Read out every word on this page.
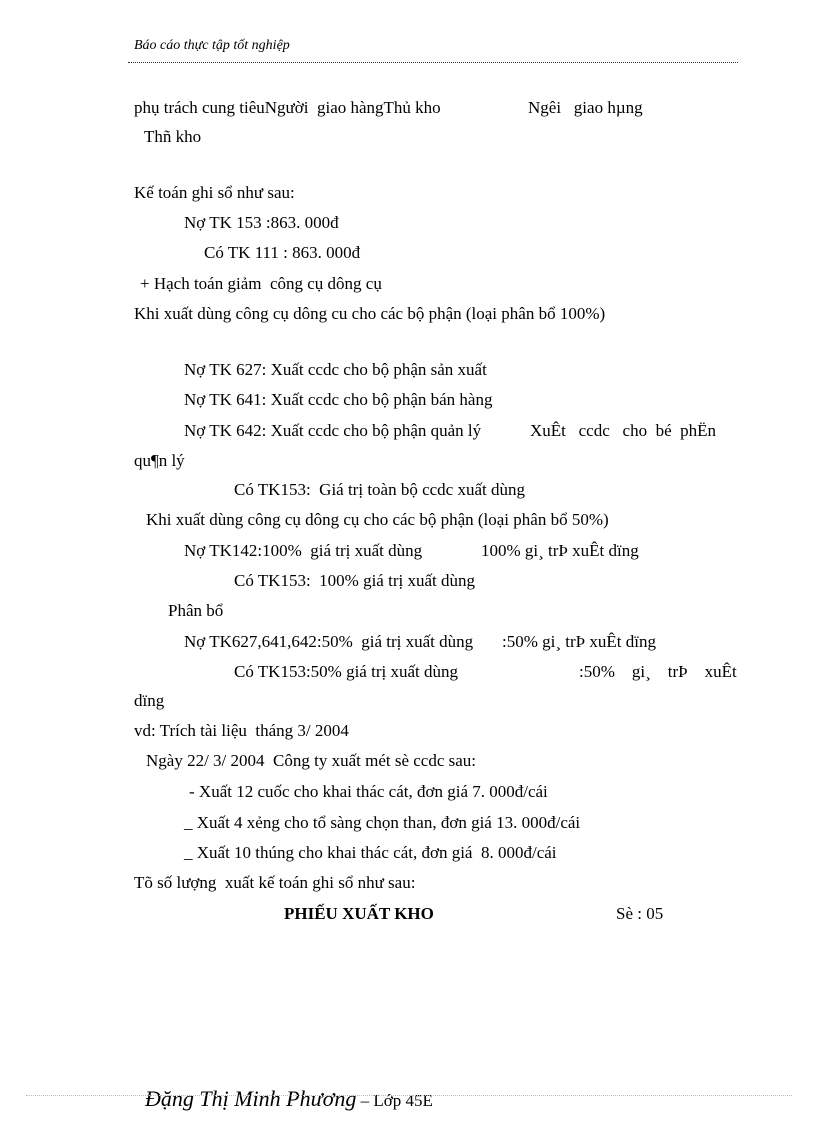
Báo cáo thực tập tốt nghiệp
phụ trách cung tiêuNgười  giao hàngThủ kho	Ngêi   giao hµng
Thñ kho
Kế toán ghi sổ như sau:
Nợ TK 153 :863. 000đ
Có TK 111 : 863. 000đ
+ Hạch toán giảm  công cụ dông cụ
Khi xuất dùng công cụ dông cu cho các bộ phận (loại phân bổ 100%)
Nợ TK 627: Xuất ccdc cho bộ phận sản xuất
Nợ TK 641: Xuất ccdc cho bộ phận bán hàng
Nợ TK 642: Xuất ccdc cho bộ phận quản lý	XuÊt   ccdc   cho  bé  phËn
qu¶n lý
Có TK153:  Giá trị toàn bộ ccdc xuất dùng
Khi xuất dùng công cụ dông cụ cho các bộ phận (loại phân bổ 50%)
Nợ TK142:100%  giá trị xuất dùng	100% gi¸ trÞ xuÊt dïng
Có TK153:  100% giá trị xuất dùng
Phân bổ
Nợ TK627,641,642:50%  giá trị xuất dùng :50% gi¸ trÞ xuÊt dïng
Có TK153:50% giá trị xuất dùng	:50%    gi¸    trÞ    xuÊt
dïng
vd: Trích tài liệu  tháng 3/ 2004
Ngày 22/ 3/ 2004  Công ty xuất mét sè ccdc sau:
- Xuất 12 cuốc cho khai thác cát, đơn giá 7. 000đ/cái
_ Xuất 4 xẻng cho tổ sàng chọn than, đơn giá 13. 000đ/cái
_ Xuất 10 thúng cho khai thác cát, đơn giá  8. 000đ/cái
Tõ số lượng  xuất kế toán ghi sổ như sau:
PHIẾU XUẤT KHO	Sè : 05

Đặng Thị Minh Phương – Lớp 45E
